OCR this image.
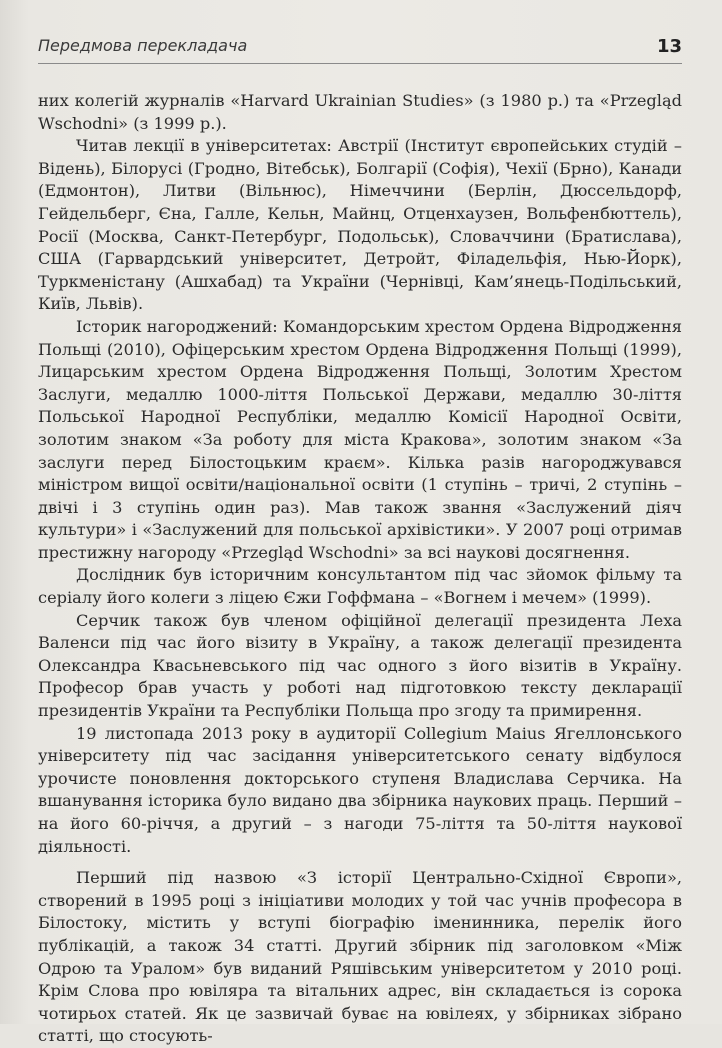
Передмова перекладача	13

них колегій журналів «Harvard Ukrainian Studies» (з 1980 р.) та «Przegląd Wschodni» (з 1999 р.).

Читав лекції в університетах: Австрії (Інститут європейських студій – Відень), Білорусі (Гродно, Вітебськ), Болгарії (Софія), Чехії (Брно), Канади (Едмонтон), Литви (Вільнюс), Німеччини (Берлін, Дюссельдорф, Гейдельберг, Єна, Галле, Кельн, Майнц, Отценхаузен, Вольфенбюттель), Росії (Москва, Санкт-Петербург, Подольськ), Словаччини (Братислава), США (Гарвардський університет, Детройт, Філадельфія, Нью-Йорк), Туркменістану (Ашхабад) та України (Чернівці, Кам’янець-Подільський, Київ, Львів).

Історик нагороджений: Командорським хрестом Ордена Відродження Польщі (2010), Офіцерським хрестом Ордена Відродження Польщі (1999), Лицарським хрестом Ордена Відродження Польщі, Золотим Хрестом Заслуги, медаллю 1000-ліття Польської Держави, медаллю 30-ліття Польської Народної Республіки, медаллю Комісії Народної Освіти, золотим знаком «За роботу для міста Кракова», золотим знаком «За заслуги перед Білостоцьким краєм». Кілька разів нагороджувався міністром вищої освіти/національної освіти (1 ступінь – тричі, 2 ступінь – двічі і 3 ступінь один раз). Мав також звання «Заслужений діяч культури» і «Заслужений для польської архівістики». У 2007 році отримав престижну нагороду «Przegląd Wschodni» за всі наукові досягнення.

Дослідник був історичним консультантом під час зйомок фільму та серіалу його колеги з ліцею Єжи Гоффмана – «Вогнем і мечем» (1999).

Серчик також був членом офіційної делегації президента Леха Валенси під час його візиту в Україну, а також делегації президента Олександра Квасьневського під час одного з його візитів в Україну. Професор брав участь у роботі над підготовкою тексту декларації президентів України та Республіки Польща про згоду та примирення.

19 листопада 2013 року в аудиторії Collegium Maius Ягеллонського університету під час засідання університетського сенату відбулося урочисте поновлення докторського ступеня Владислава Серчика. На вшанування історика було видано два збірника наукових праць. Перший – на його 60-річчя, а другий – з нагоди 75-ліття та 50-ліття наукової діяльності.

Перший під назвою «З історії Центрально-Східної Європи», створений в 1995 році з ініціативи молодих у той час учнів професора в Білостоку, містить у вступі біографію іменинника, перелік його публікацій, а також 34 статті. Другий збірник під заголовком «Між Одрою та Уралом» був виданий Ряшівським університетом у 2010 році. Крім Слова про ювіляра та вітальних адрес, він складається із сорока чотирьох статей. Як це зазвичай буває на ювілеях, у збірниках зібрано статті, що стосують-
